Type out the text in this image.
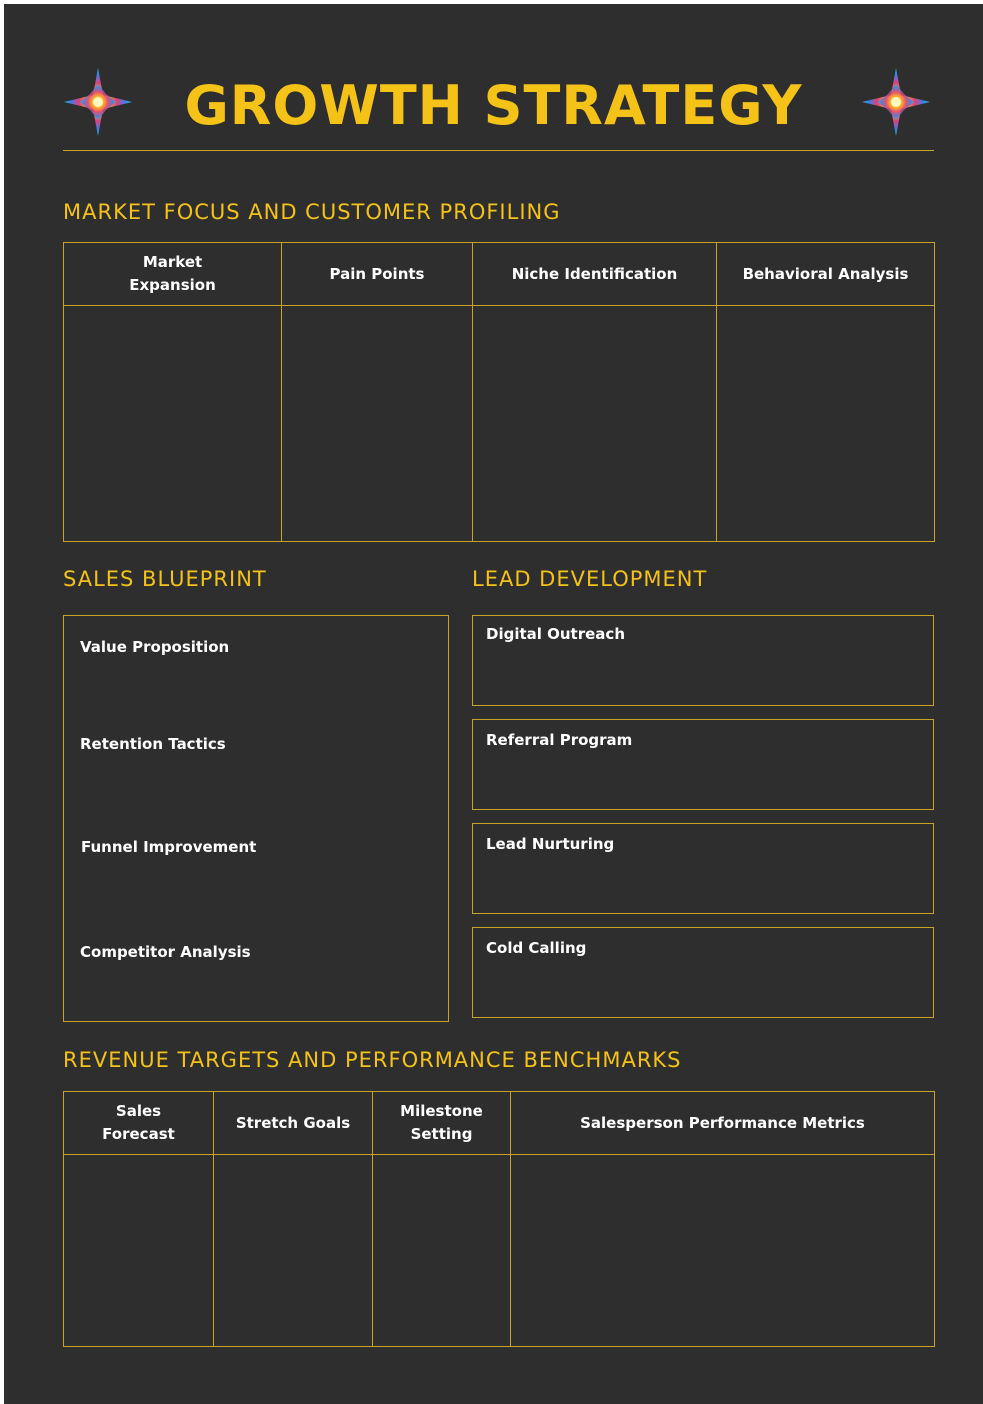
GROWTH STRATEGY
MARKET FOCUS AND CUSTOMER PROFILING
Market Expansion	Pain Points	Niche Identification	Behavioral Analysis

SALES BLUEPRINT
Value Proposition
Retention Tactics
Funnel Improvement
Competitor Analysis
LEAD DEVELOPMENT
Digital Outreach
Referral Program
Lead Nurturing
Cold Calling
REVENUE TARGETS AND PERFORMANCE BENCHMARKS
Sales Forecast	Stretch Goals	Milestone Setting	Salesperson Performance Metrics
